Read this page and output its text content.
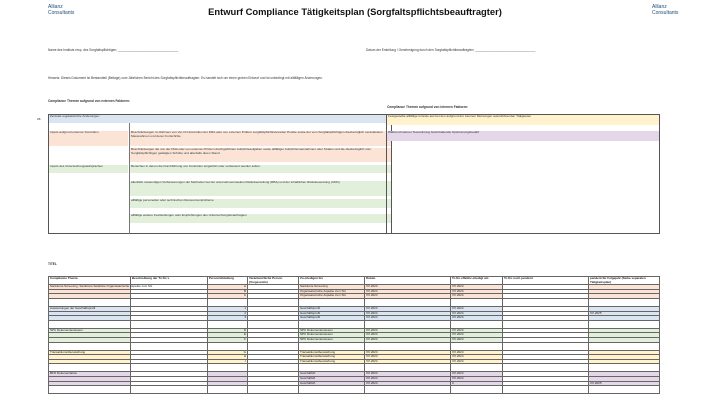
Allianz
Consultants
Allianz
Consultants
Entwurf Compliance Tätigkeitsplan (Sorgfaltspflichtsbeauftragter)
Name des Instituts resp. des Sorgfaltspflichtigen: __________________________________	Datum der Erstellung / Genehmigung durch den Sorgfaltspflichtbeauftragten: __________________________________
Hinweis: Dieses Dokument ist Bestandteil (Beilage) zum Jährlichen Bericht des Sorgfaltspflichtbeauftragten. Es handelt sich um einen groben Entwurf und ist unbedingt mit allfälligen Änderungen.
Compliance Themen aufgrund von externen Faktoren:
ca
Zentrale regulatorische Änderungen
Inputs aufgrund externer Kontrollen	Beschränkungen im Rahmen von Vor-Ort-Kontrollen der FMA oder von externen Prüfern sorgfaltspflichtrelevanter Punkte sowie der vom Sorgfaltspflichtigen diesbezüglich veranlassten Massnahmen und deren Fortschritte
Beschränkungen die von der FMA oder von externen Prüfern durchgeführten Aufsichtsaufgaben sowie allfälliger Aufsichtsmassnahmen oder Strafen und die diesbezüglich vom Sorgfaltspflichtigen getätigten Schritte und allenfalls deren Stand
Inputs des Untersuchungsaufsprachen	Bereichen in denen die Durchführung von Kontrollen eingeführt oder verbessert werden sollen
allenfalls notwendigen Verbesserungen der Methoden bei der unternehmensweiten Risikobeurteilung (RBA) und der inhaltlichen Risikobewertung (CDD)
allfällige personellen oder technischen Ressourcenprobleme
allfällige weitere Feststellungen oder Empfehlungen des Untersuchungsbeauftragten
Compliance Themen aufgrund von internen Faktoren:
Festgestellte allfällige Gründe aus bei den aufgrund der internen Meinungen auszuführenden Tätigkeiten
Während interner Teamsitzung festzuhaltende Optimierungsbedarf
TITEL
Compliance Thema	Beschreibung der To Do`s	Person/Abteilung	Verantwortliche Person (Vorgesetzte)	Zu erledigen bis	Datum	To Do effektiv erledigt am	To Do noch pendent	pendent für Folgejahr (Siehe separaten Tätigkeitsplan)
Sanktions-Screening, Sanktions-Selektive Organisatorische Aspekte zum SG		A		Sanktions-Screening	XX.2024	XX.2024		
		B		Organisatorische Aspekte zum SG	XX.2024	XX.2024		
		C		Organisatorische Aspekte zum SG	XX.2024	XX.2024		

Auswertungen der Geschäftsprofil		1		Geschäftsprofil	XX.2024	XX.2024		
		2		Geschäftsprofil	XX.2024	XX.2024		XX.2025
		3		Geschäftsprofil	XX.2024	XX.2024		

SPC Dokumentenwesen		D		SPC Dokumentenwesen	XX.2024	XX.2024		
		E		SPC Dokumentenwesen	XX.2024	XX.2024		
		F		SPC Dokumentenwesen	XX.2024	XX.2024		

Transaktionsüberwachung		G		Transaktionsüberwachung	XX.2024	XX.2024		
		H		Transaktionsüberwachung	XX.2024	XX.2024		
		I		Transaktionsüberwachung	XX.2024	XX.2024		

BFO Dokumentation				Geschäftsfl.	XX.2024	XX.2024		
				Geschäftsfl.	XX.2024	XX.2024		
				Geschäftsfl.	XX.2024	0		XX.2025
